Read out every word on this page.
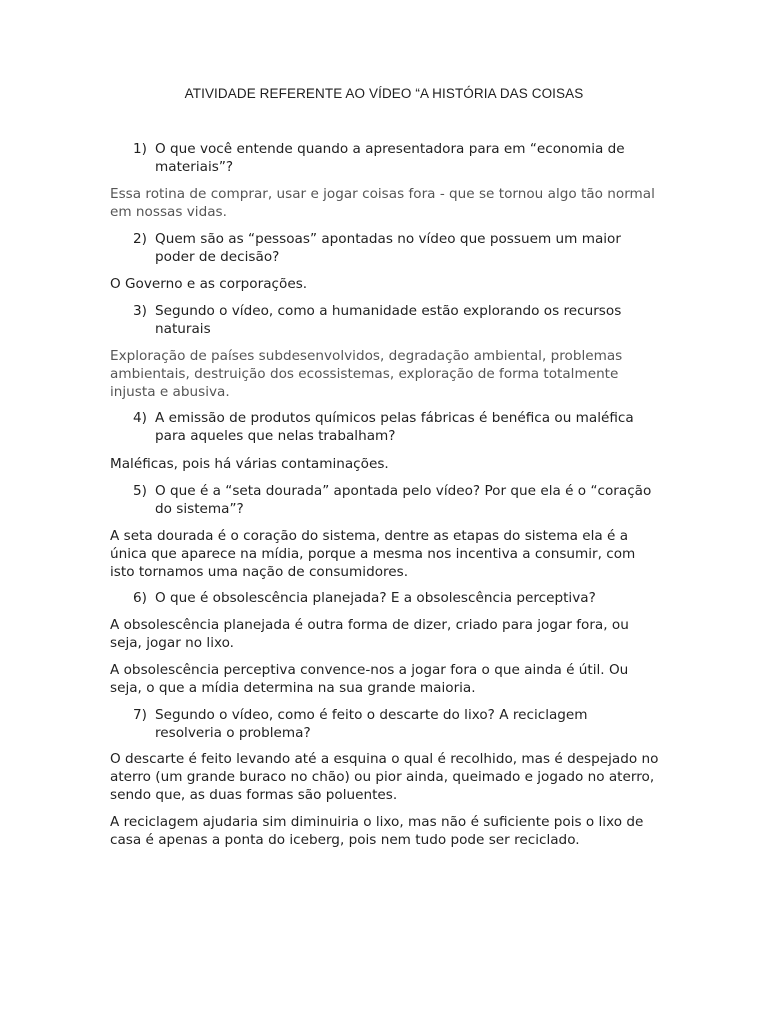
ATIVIDADE REFERENTE AO VÍDEO “A HISTÓRIA DAS COISAS
1) O que você entende quando a apresentadora para em “economia de materiais”?
Essa rotina de comprar, usar e jogar coisas fora - que se tornou algo tão normal em nossas vidas.
2) Quem são as “pessoas” apontadas no vídeo que possuem um maior poder de decisão?
O Governo e as corporações.
3) Segundo o vídeo, como a humanidade estão explorando os recursos naturais
Exploração de países subdesenvolvidos, degradação ambiental, problemas ambientais, destruição dos ecossistemas, exploração de forma totalmente injusta e abusiva.
4) A emissão de produtos químicos pelas fábricas é benéfica ou maléfica para aqueles que nelas trabalham?
Maléficas, pois há várias contaminações.
5) O que é a “seta dourada” apontada pelo vídeo? Por que ela é o “coração do sistema”?
A seta dourada é o coração do sistema, dentre as etapas do sistema ela é a única que aparece na mídia, porque a mesma nos incentiva a consumir, com isto tornamos uma nação de consumidores.
6) O que é obsolescência planejada? E a obsolescência perceptiva?
A obsolescência planejada é outra forma de dizer, criado para jogar fora, ou seja, jogar no lixo.
A obsolescência perceptiva convence-nos a jogar fora o que ainda é útil. Ou seja, o que a mídia determina na sua grande maioria.
7) Segundo o vídeo, como é feito o descarte do lixo? A reciclagem resolveria o problema?
O descarte é feito levando até a esquina o qual é recolhido, mas é despejado no aterro (um grande buraco no chão) ou pior ainda, queimado e jogado no aterro, sendo que, as duas formas são poluentes.
A reciclagem ajudaria sim diminuiria o lixo, mas não é suficiente pois o lixo de casa é apenas a ponta do iceberg, pois nem tudo pode ser reciclado.
